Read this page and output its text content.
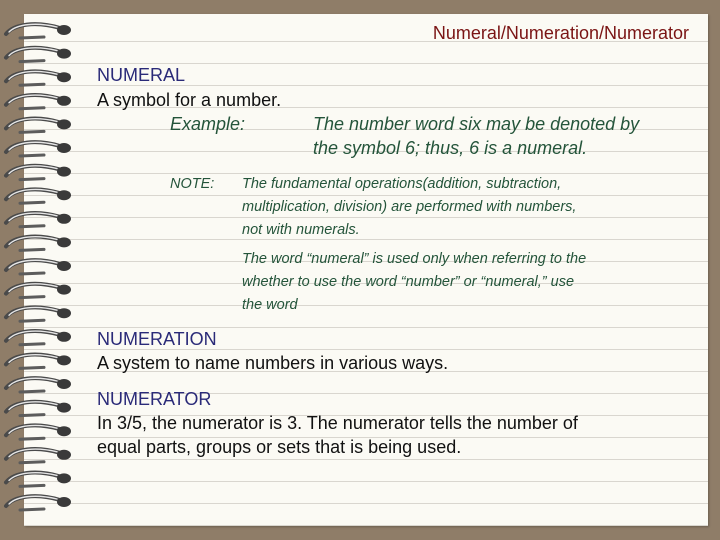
Numeral/Numeration/Numerator
NUMERAL
A symbol for a number.
Example:	The number word six may be denoted by
the symbol 6; thus, 6 is a numeral.
NOTE: The fundamental operations(addition, subtraction,
multiplication, division) are performed with numbers,
not with numerals.
The word “numeral” is used only when referring to the
whether to use the word “number” or “numeral,” use
the word
NUMERATION
A system to name numbers in various ways.
NUMERATOR
In 3/5, the numerator is 3. The numerator tells the number of
equal parts, groups or sets that is being used.
